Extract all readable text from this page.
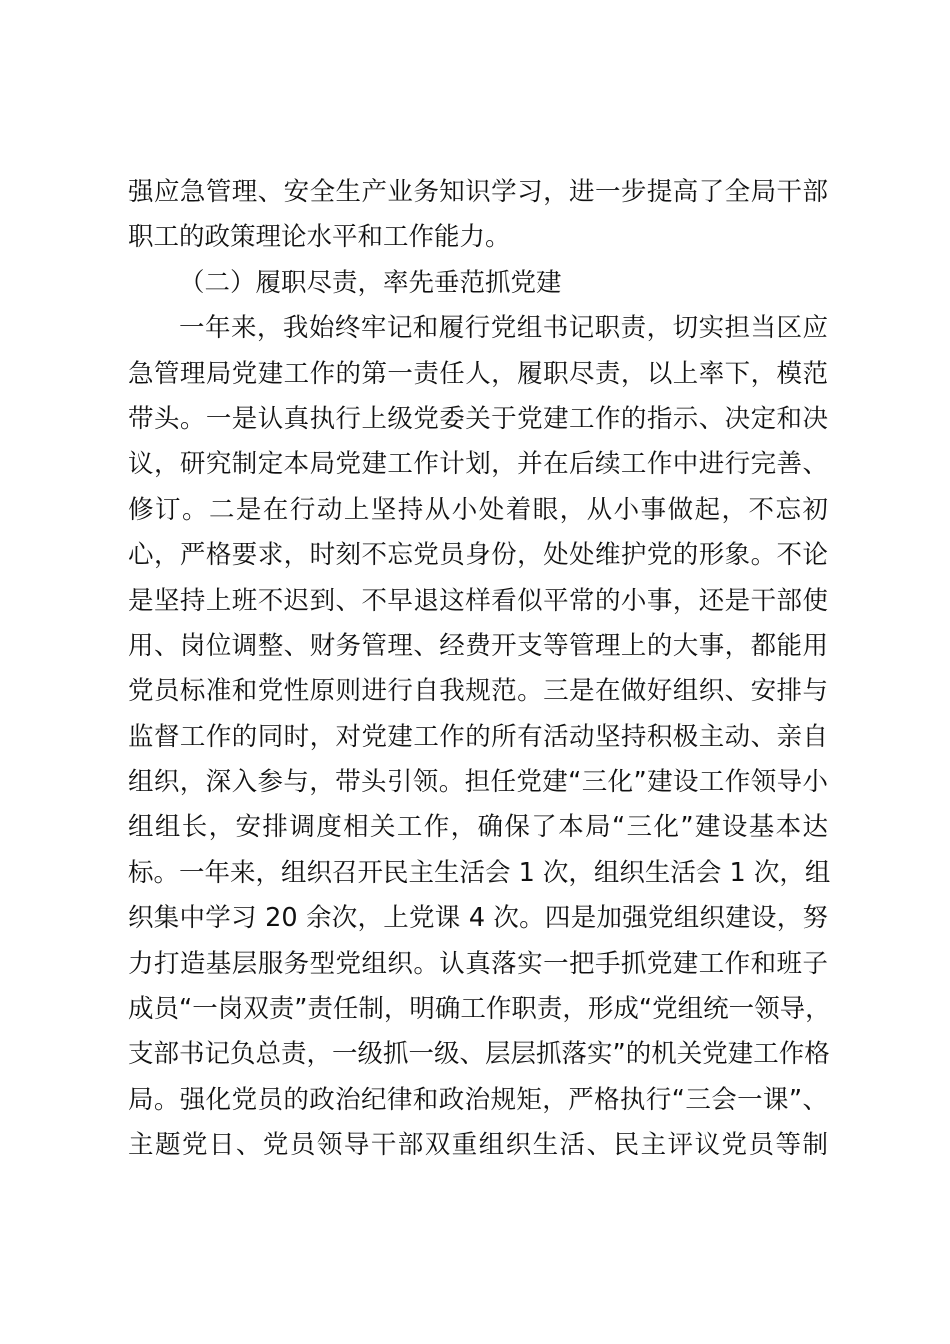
强应急管理、安全生产业务知识学习，进一步提高了全局干部
职工的政策理论水平和工作能力。
（二）履职尽责，率先垂范抓党建
一年来，我始终牢记和履行党组书记职责，切实担当区应
急管理局党建工作的第一责任人，履职尽责，以上率下，模范
带头。一是认真执行上级党委关于党建工作的指示、决定和决
议，研究制定本局党建工作计划，并在后续工作中进行完善、
修订。二是在行动上坚持从小处着眼，从小事做起，不忘初
心，严格要求，时刻不忘党员身份，处处维护党的形象。不论
是坚持上班不迟到、不早退这样看似平常的小事，还是干部使
用、岗位调整、财务管理、经费开支等管理上的大事，都能用
党员标准和党性原则进行自我规范。三是在做好组织、安排与
监督工作的同时，对党建工作的所有活动坚持积极主动、亲自
组织，深入参与，带头引领。担任党建“三化”建设工作领导小
组组长，安排调度相关工作，确保了本局“三化”建设基本达
标。一年来，组织召开民主生活会 1 次，组织生活会 1 次，组
织集中学习 20 余次，上党课 4 次。四是加强党组织建设，努
力打造基层服务型党组织。认真落实一把手抓党建工作和班子
成员“一岗双责”责任制，明确工作职责，形成“党组统一领导，
支部书记负总责，一级抓一级、层层抓落实”的机关党建工作格
局。强化党员的政治纪律和政治规矩，严格执行“三会一课”、
主题党日、党员领导干部双重组织生活、民主评议党员等制
